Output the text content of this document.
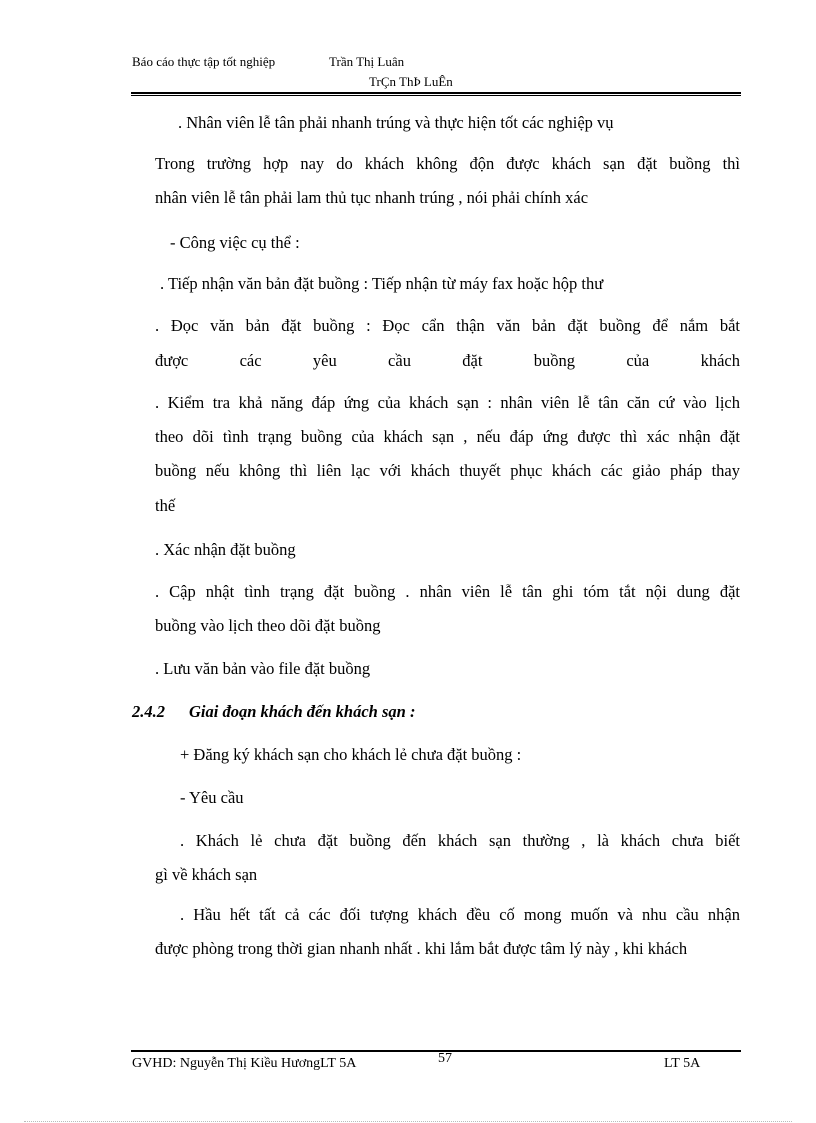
Báo cáo thực tập tốt nghiệp	Trần Thị Luân
TrÇn ThÞ LuÊn
. Nhân viên lễ tân phải nhanh trúng và thực hiện tốt các nghiệp vụ
Trong trường hợp nay do khách không độn được khách sạn đặt buồng thì
nhân viên lễ tân phải lam thủ tục nhanh trúng , nói phải chính xác
- Công việc cụ thể :
. Tiếp nhận văn bản đặt buồng : Tiếp nhận từ máy fax hoặc hộp thư
. Đọc văn bản đặt buồng : Đọc cẩn thận văn bản đặt buồng để nắm bắt
được các yêu cầu đặt buồng của khách
. Kiểm tra khả năng đáp ứng của khách sạn : nhân viên lễ tân căn cứ vào lịch
theo dõi tình trạng buồng của khách sạn , nếu đáp ứng được thì xác nhận đặt
buồng nếu không thì liên lạc với khách thuyết phục khách các giảo pháp thay
thế
. Xác nhận đặt buồng
. Cập nhật tình trạng đặt buồng . nhân viên lễ tân ghi tóm tắt nội dung đặt
buồng vào lịch theo dõi đặt buồng
. Lưu văn bản vào file đặt buồng
2.4.2 Giai đoạn khách đến khách sạn :
+ Đăng ký khách sạn cho khách lẻ chưa đặt buồng :
- Yêu cầu
. Khách lẻ chưa đặt buồng đến khách sạn thường , là khách chưa biết
gì về khách sạn
. Hầu hết tất cả các đối tượng khách đều cố mong muốn và nhu cầu nhận
được phòng trong thời gian nhanh nhất . khi lắm bắt được tâm lý này , khi khách
GVHD: Nguyễn Thị Kiều HươngLT 5A	57	LT 5A
